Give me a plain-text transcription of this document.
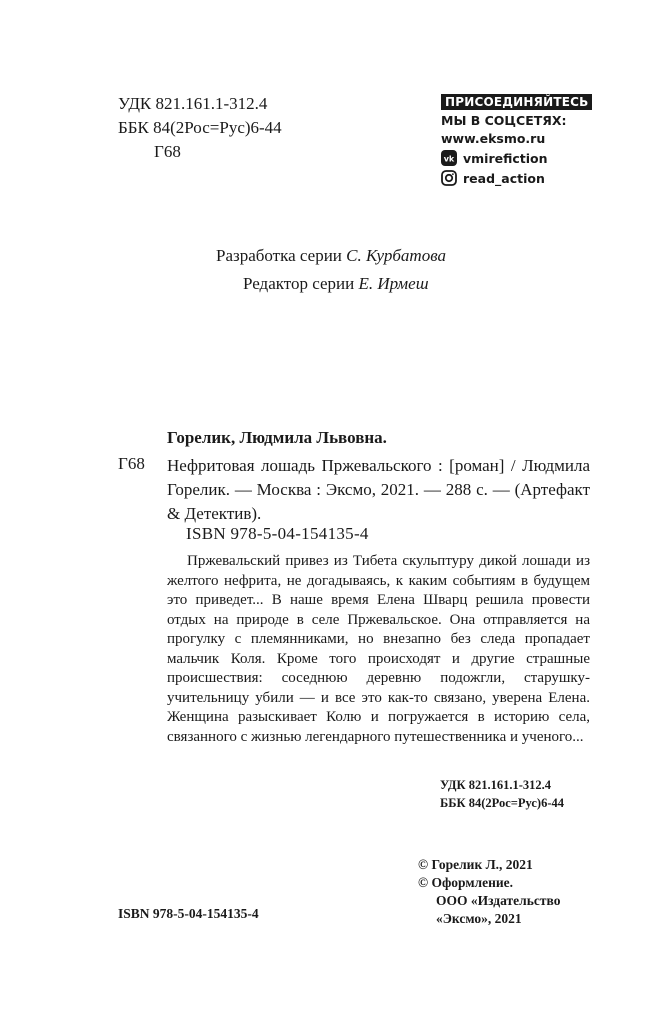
УДК 821.161.1-312.4
ББК 84(2Рос=Рус)6-44
Г68
ПРИСОЕДИНЯЙТЕСЬ
МЫ В СОЦСЕТЯХ:
www.eksmo.ru
vk vmirefiction
read_action
Разработка серии С. Курбатова
Редактор серии Е. Ирмеш
Горелик, Людмила Львовна.
Г68 Нефритовая лошадь Пржевальского : [роман] / Людмила Горелик. — Москва : Эксмо, 2021. — 288 с. — (Артефакт & Детектив).
ISBN 978-5-04-154135-4
Пржевальский привез из Тибета скульптуру дикой лошади из желтого нефрита, не догадываясь, к каким событиям в будущем это приведет... В наше время Елена Шварц решила провести отдых на природе в селе Пржевальское. Она отправляется на прогулку с племянниками, но внезапно без следа пропадает мальчик Коля. Кроме того происходят и другие страшные происшествия: соседнюю деревню подожгли, старушку-учительницу убили — и все это как-то связано, уверена Елена. Женщина разыскивает Колю и погружается в историю села, связанного с жизнью легендарного путешественника и ученого...
УДК 821.161.1-312.4
ББК 84(2Рос=Рус)6-44
© Горелик Л., 2021
© Оформление.
ООО «Издательство
«Эксмо», 2021
ISBN 978-5-04-154135-4
